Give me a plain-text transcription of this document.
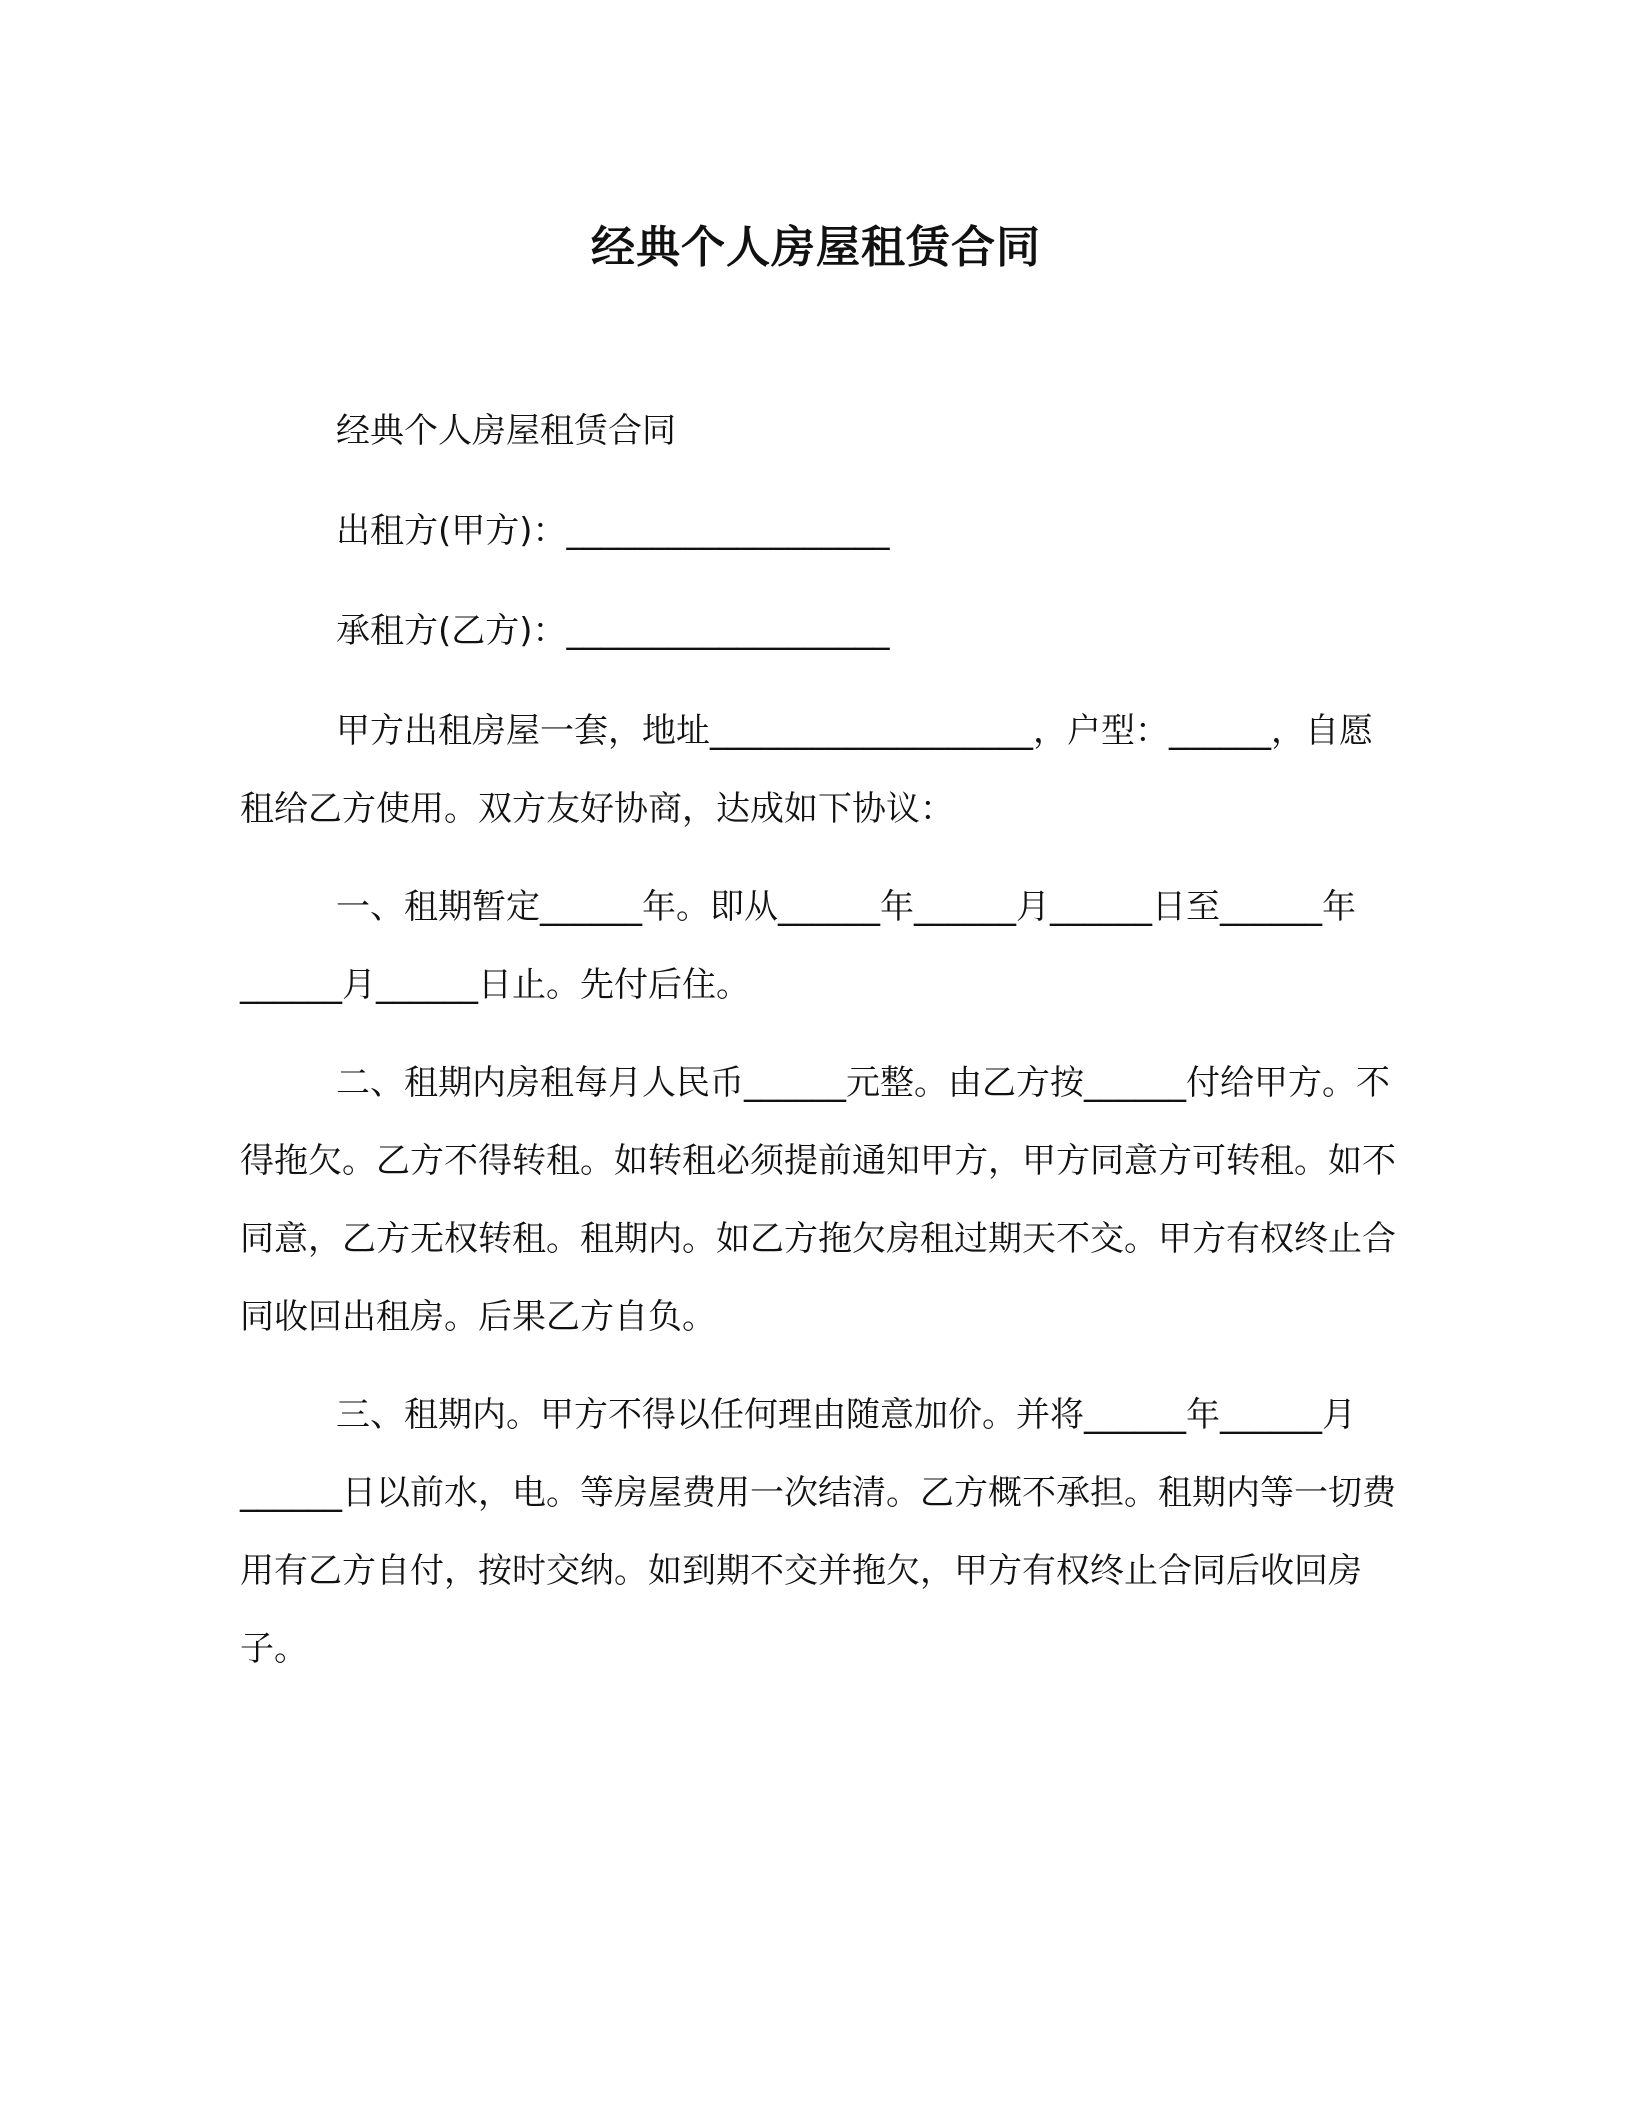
经典个人房屋租赁合同
经典个人房屋租赁合同
出租方(甲方)：___________________
承租方(乙方)：___________________
甲方出租房屋一套，地址___________________，户型：______，自愿租给乙方使用。双方友好协商，达成如下协议：
一、租期暂定______年。即从______年______月______日至______年______月______日止。先付后住。
二、租期内房租每月人民币______元整。由乙方按______付给甲方。不得拖欠。乙方不得转租。如转租必须提前通知甲方，甲方同意方可转租。如不同意，乙方无权转租。租期内。如乙方拖欠房租过期天不交。甲方有权终止合同收回出租房。后果乙方自负。
三、租期内。甲方不得以任何理由随意加价。并将______年______月______日以前水，电。等房屋费用一次结清。乙方概不承担。租期内等一切费用有乙方自付，按时交纳。如到期不交并拖欠，甲方有权终止合同后收回房子。
